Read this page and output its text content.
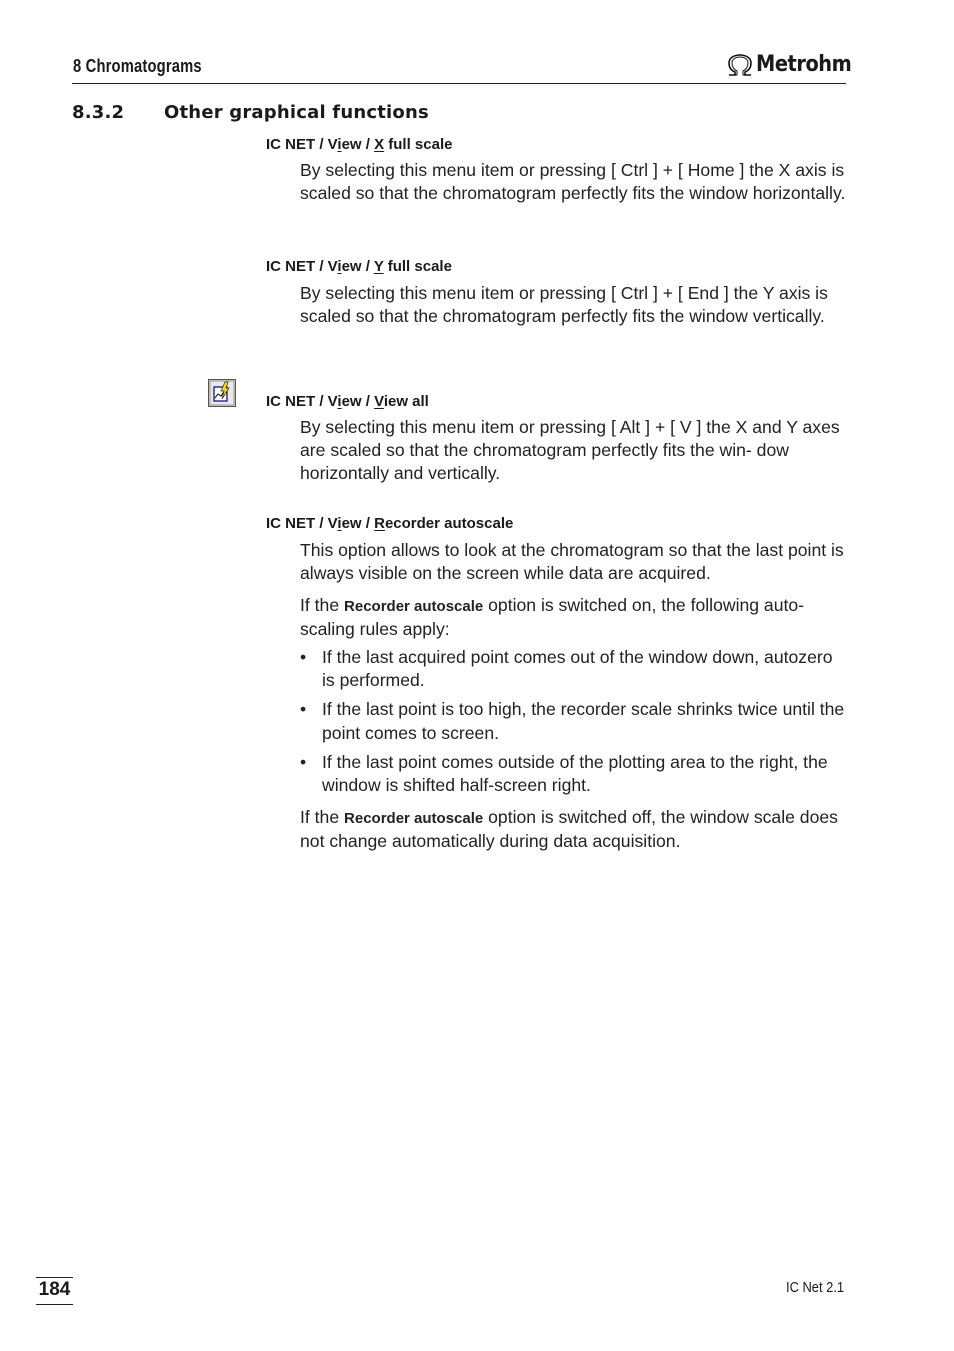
8 Chromatograms	Metrohm
8.3.2 Other graphical functions
IC NET / View / X full scale
By selecting this menu item or pressing [ Ctrl ] + [ Home ] the X axis is scaled so that the chromatogram perfectly fits the window horizontally.
IC NET / View / Y full scale
By selecting this menu item or pressing [ Ctrl ] + [ End ] the Y axis is scaled so that the chromatogram perfectly fits the window vertically.
IC NET / View / View all
By selecting this menu item or pressing [ Alt ] + [ V ] the X and Y axes are scaled so that the chromatogram perfectly fits the win- dow horizontally and vertically.
IC NET / View / Recorder autoscale
This option allows to look at the chromatogram so that the last point is always visible on the screen while data are acquired.
If the Recorder autoscale option is switched on, the following auto- scaling rules apply:
• If the last acquired point comes out of the window down, autozero is performed.
• If the last point is too high, the recorder scale shrinks twice until the point comes to screen.
• If the last point comes outside of the plotting area to the right, the window is shifted half-screen right.
If the Recorder autoscale option is switched off, the window scale does not change automatically during data acquisition.
184	IC Net 2.1
